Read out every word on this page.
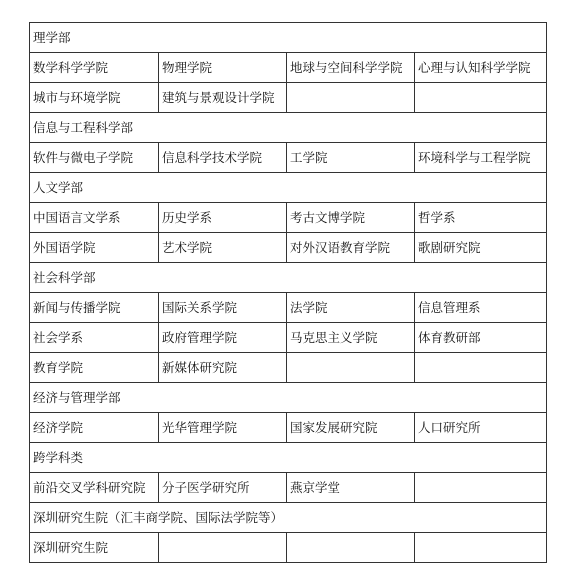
理学部			
数学科学学院	物理学院	地球与空间科学学院	心理与认知科学学院
城市与环境学院	建筑与景观设计学院		
信息与工程科学部			
软件与微电子学院	信息科学技术学院	工学院	环境科学与工程学院
人文学部			
中国语言文学系	历史学系	考古文博学院	哲学系
外国语学院	艺术学院	对外汉语教育学院	歌剧研究院
社会科学部			
新闻与传播学院	国际关系学院	法学院	信息管理系
社会学系	政府管理学院	马克思主义学院	体育教研部
教育学院	新媒体研究院		
经济与管理学部			
经济学院	光华管理学院	国家发展研究院	人口研究所
跨学科类			
前沿交叉学科研究院	分子医学研究所	燕京学堂	
深圳研究生院（汇丰商学院、国际法学院等）			
深圳研究生院			
